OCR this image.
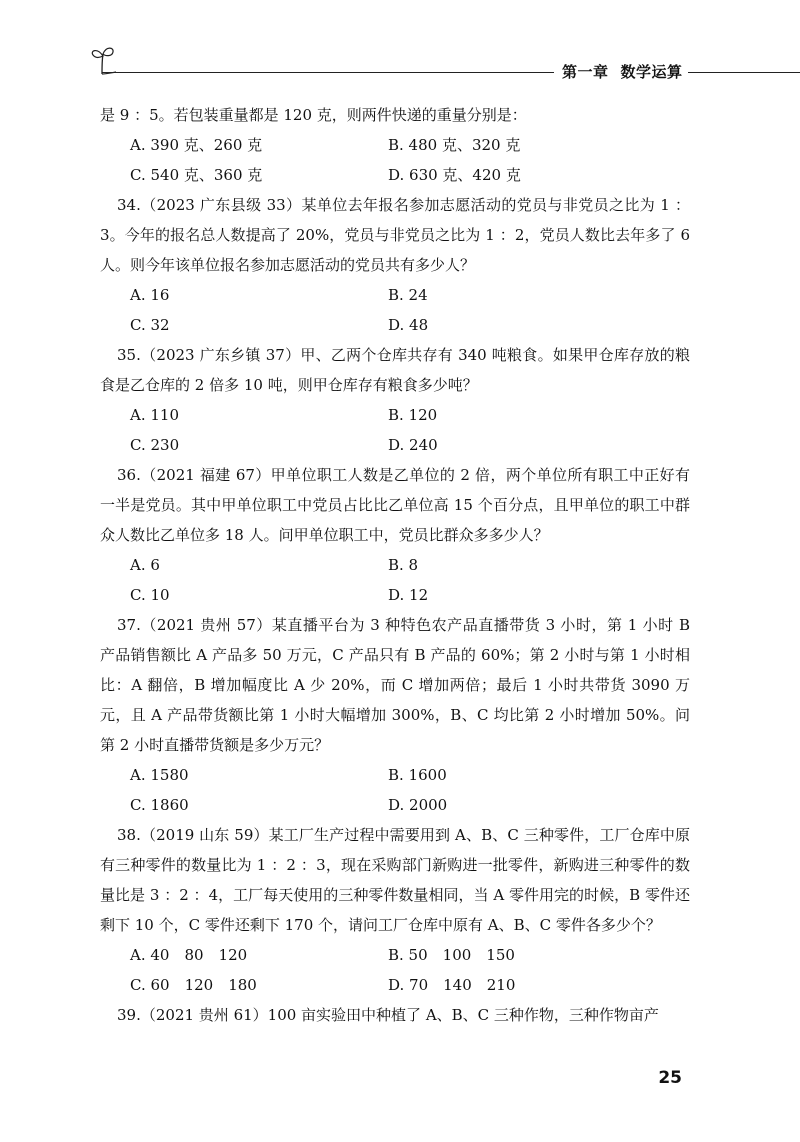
第一章 数学运算

是 9 ：5。若包装重量都是 120 克，则两件快递的重量分别是：

A. 390 克、260 克	B. 480 克、320 克
C. 540 克、360 克	D. 630 克、420 克

34.（2023 广东县级 33）某单位去年报名参加志愿活动的党员与非党员之比为 1 ：3。今年的报名总人数提高了 20%，党员与非党员之比为 1 ：2，党员人数比去年多了 6 人。则今年该单位报名参加志愿活动的党员共有多少人？

A. 16	B. 24
C. 32	D. 48

35.（2023 广东乡镇 37）甲、乙两个仓库共存有 340 吨粮食。如果甲仓库存放的粮食是乙仓库的 2 倍多 10 吨，则甲仓库存有粮食多少吨？

A. 110	B. 120
C. 230	D. 240

36.（2021 福建 67）甲单位职工人数是乙单位的 2 倍，两个单位所有职工中正好有一半是党员。其中甲单位职工中党员占比比乙单位高 15 个百分点，且甲单位的职工中群众人数比乙单位多 18 人。问甲单位职工中，党员比群众多多少人？

A. 6	B. 8
C. 10	D. 12

37.（2021 贵州 57）某直播平台为 3 种特色农产品直播带货 3 小时，第 1 小时 B 产品销售额比 A 产品多 50 万元，C 产品只有 B 产品的 60%；第 2 小时与第 1 小时相比：A 翻倍，B 增加幅度比 A 少 20%，而 C 增加两倍；最后 1 小时共带货 3090 万元，且 A 产品带货额比第 1 小时大幅增加 300%，B、C 均比第 2 小时增加 50%。问第 2 小时直播带货额是多少万元？

A. 1580	B. 1600
C. 1860	D. 2000

38.（2019 山东 59）某工厂生产过程中需要用到 A、B、C 三种零件，工厂仓库中原有三种零件的数量比为 1 ：2 ：3，现在采购部门新购进一批零件，新购进三种零件的数量比是 3 ：2 ：4，工厂每天使用的三种零件数量相同，当 A 零件用完的时候，B 零件还剩下 10 个，C 零件还剩下 170 个，请问工厂仓库中原有 A、B、C 零件各多少个？

A. 40　80　120	B. 50　100　150
C. 60　120　180	D. 70　140　210

39.（2021 贵州 61）100 亩实验田中种植了 A、B、C 三种作物，三种作物亩产

25
